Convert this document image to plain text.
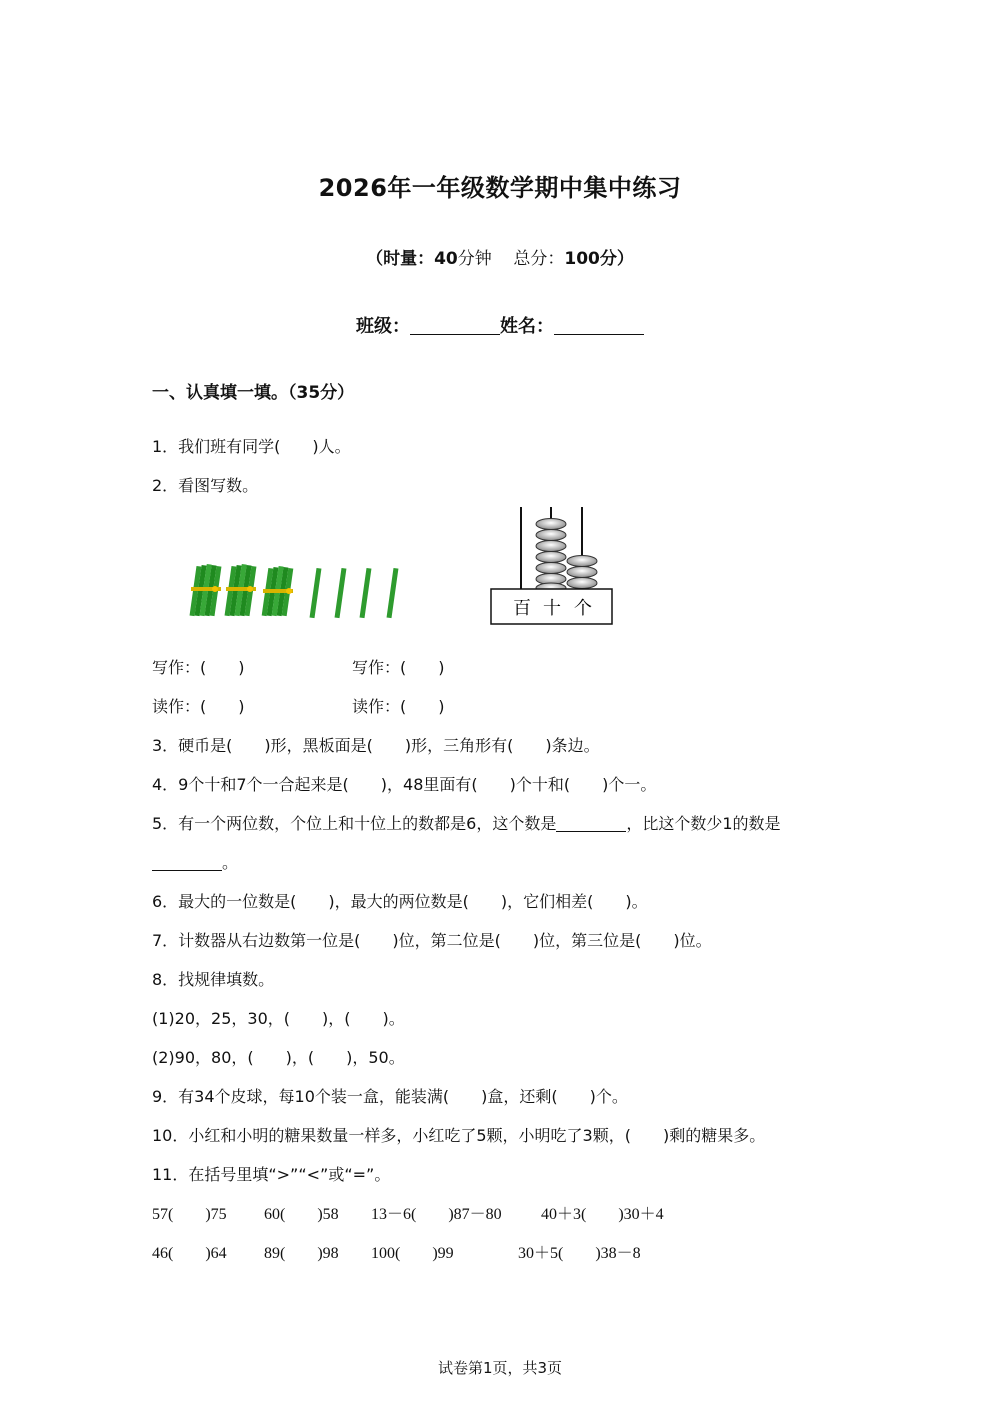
2026年一年级数学期中集中练习
（时量：40分钟 总分：100分）
班级：	姓名：
一、认真填一填。（35分）
1．我们班有同学(　　)人。
2．看图写数。
百 十 个
写作：(　　)	写作：(　　)
读作：(　　)	读作：(　　)
3．硬币是(　　)形，黑板面是(　　)形，三角形有(　　)条边。
4．9个十和7个一合起来是(　　)，48里面有(　　)个十和(　　)个一。
5．有一个两位数，个位上和十位上的数都是6，这个数是	，比这个数少1的数是
。
6．最大的一位数是(　　)，最大的两位数是(　　)，它们相差(　　)。
7．计数器从右边数第一位是(　　)位，第二位是(　　)位，第三位是(　　)位。
8．找规律填数。
(1)20，25，30，(　　)，(　　)。
(2)90，80，(　　)，(　　)，50。
9．有34个皮球，每10个装一盒，能装满(　　)盒，还剩(　　)个。
10．小红和小明的糖果数量一样多，小红吃了5颗，小明吃了3颗，(　　)剩的糖果多。
11．在括号里填“>”“<”或“=”。
57(　　)75 60(　　)58 13－6(　　)87－80 40＋3(　　)30＋4
46(　　)64 89(　　)98 100(　　)99	30＋5(　　)38－8
试卷第1页，共3页
